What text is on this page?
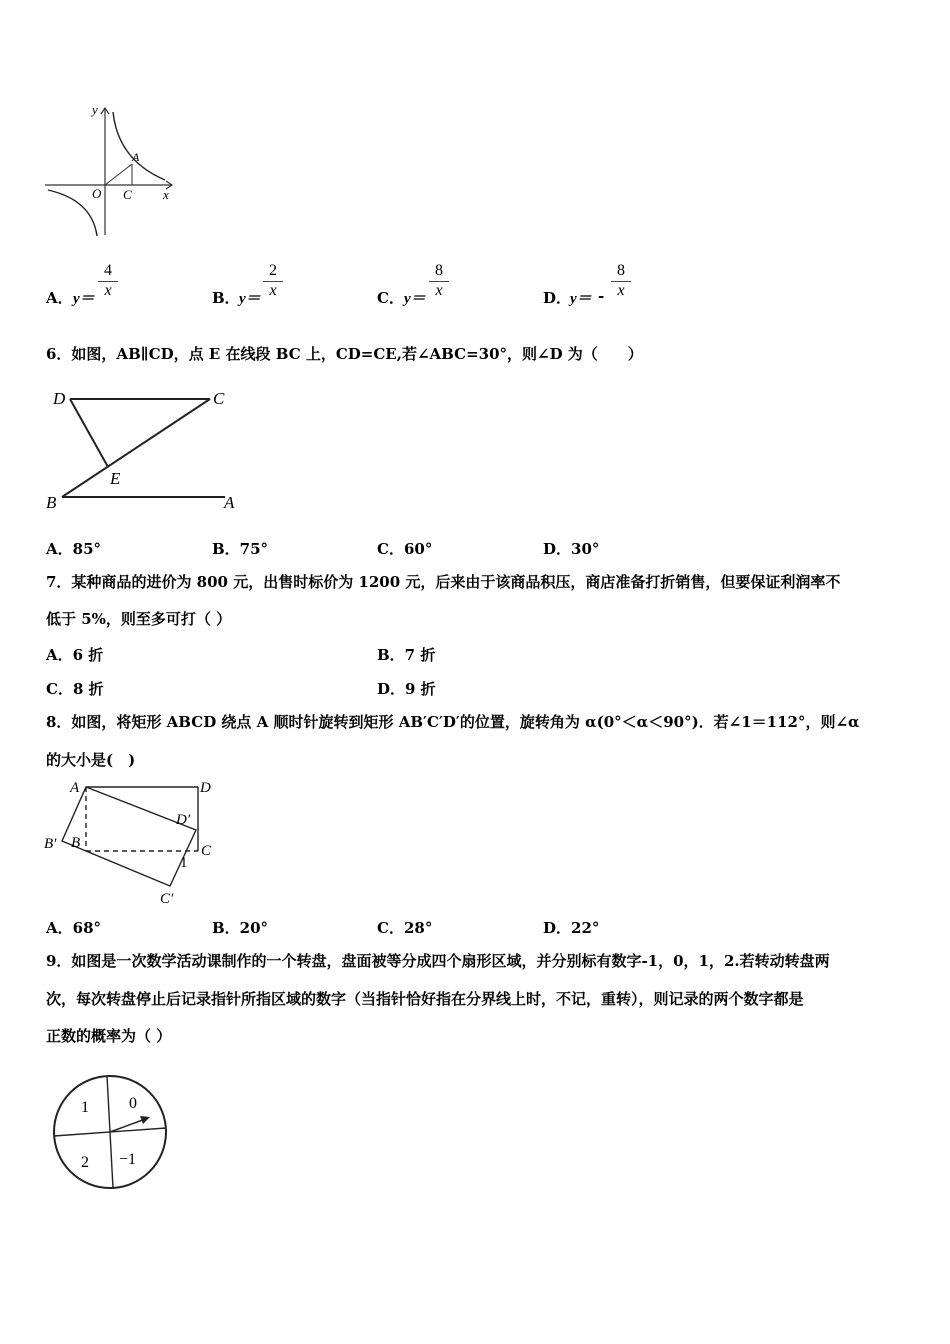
y
x
O
A
C
A． y＝
4
x	B． y＝
2
x	C． y＝
8
x	D．
y＝ -
8
x
6．如图，AB∥CD，点 E 在线段 BC 上，CD=CE,若∠ABC=30°，则∠D 为（　　）
D	C
E
B	A
A．85°	B．75°	C．60°	D．30°
7．某种商品的进价为 800 元，出售时标价为 1200 元，后来由于该商品积压，商店准备打折销售，但要保证利润率不
低于 5%，则至多可打（ ）
A．6 折	B．7 折
C．8 折	D．9 折
8．如图，将矩形 ABCD 绕点 A 顺时针旋转到矩形 AB′C′D′的位置，旋转角为 α(0°＜α＜90°)．若∠1＝112°，则∠α
的大小是(　)
A	D
D′
B′ B	C
1
C′
A．68°	B．20°	C．28°	D．22°
9．如图是一次数学活动课制作的一个转盘，盘面被等分成四个扇形区域，并分别标有数字-1，0，1，2.若转动转盘两
次，每次转盘停止后记录指针所指区域的数字（当指针恰好指在分界线上时，不记，重转），则记录的两个数字都是
正数的概率为（ ）
1	0
2 −1
